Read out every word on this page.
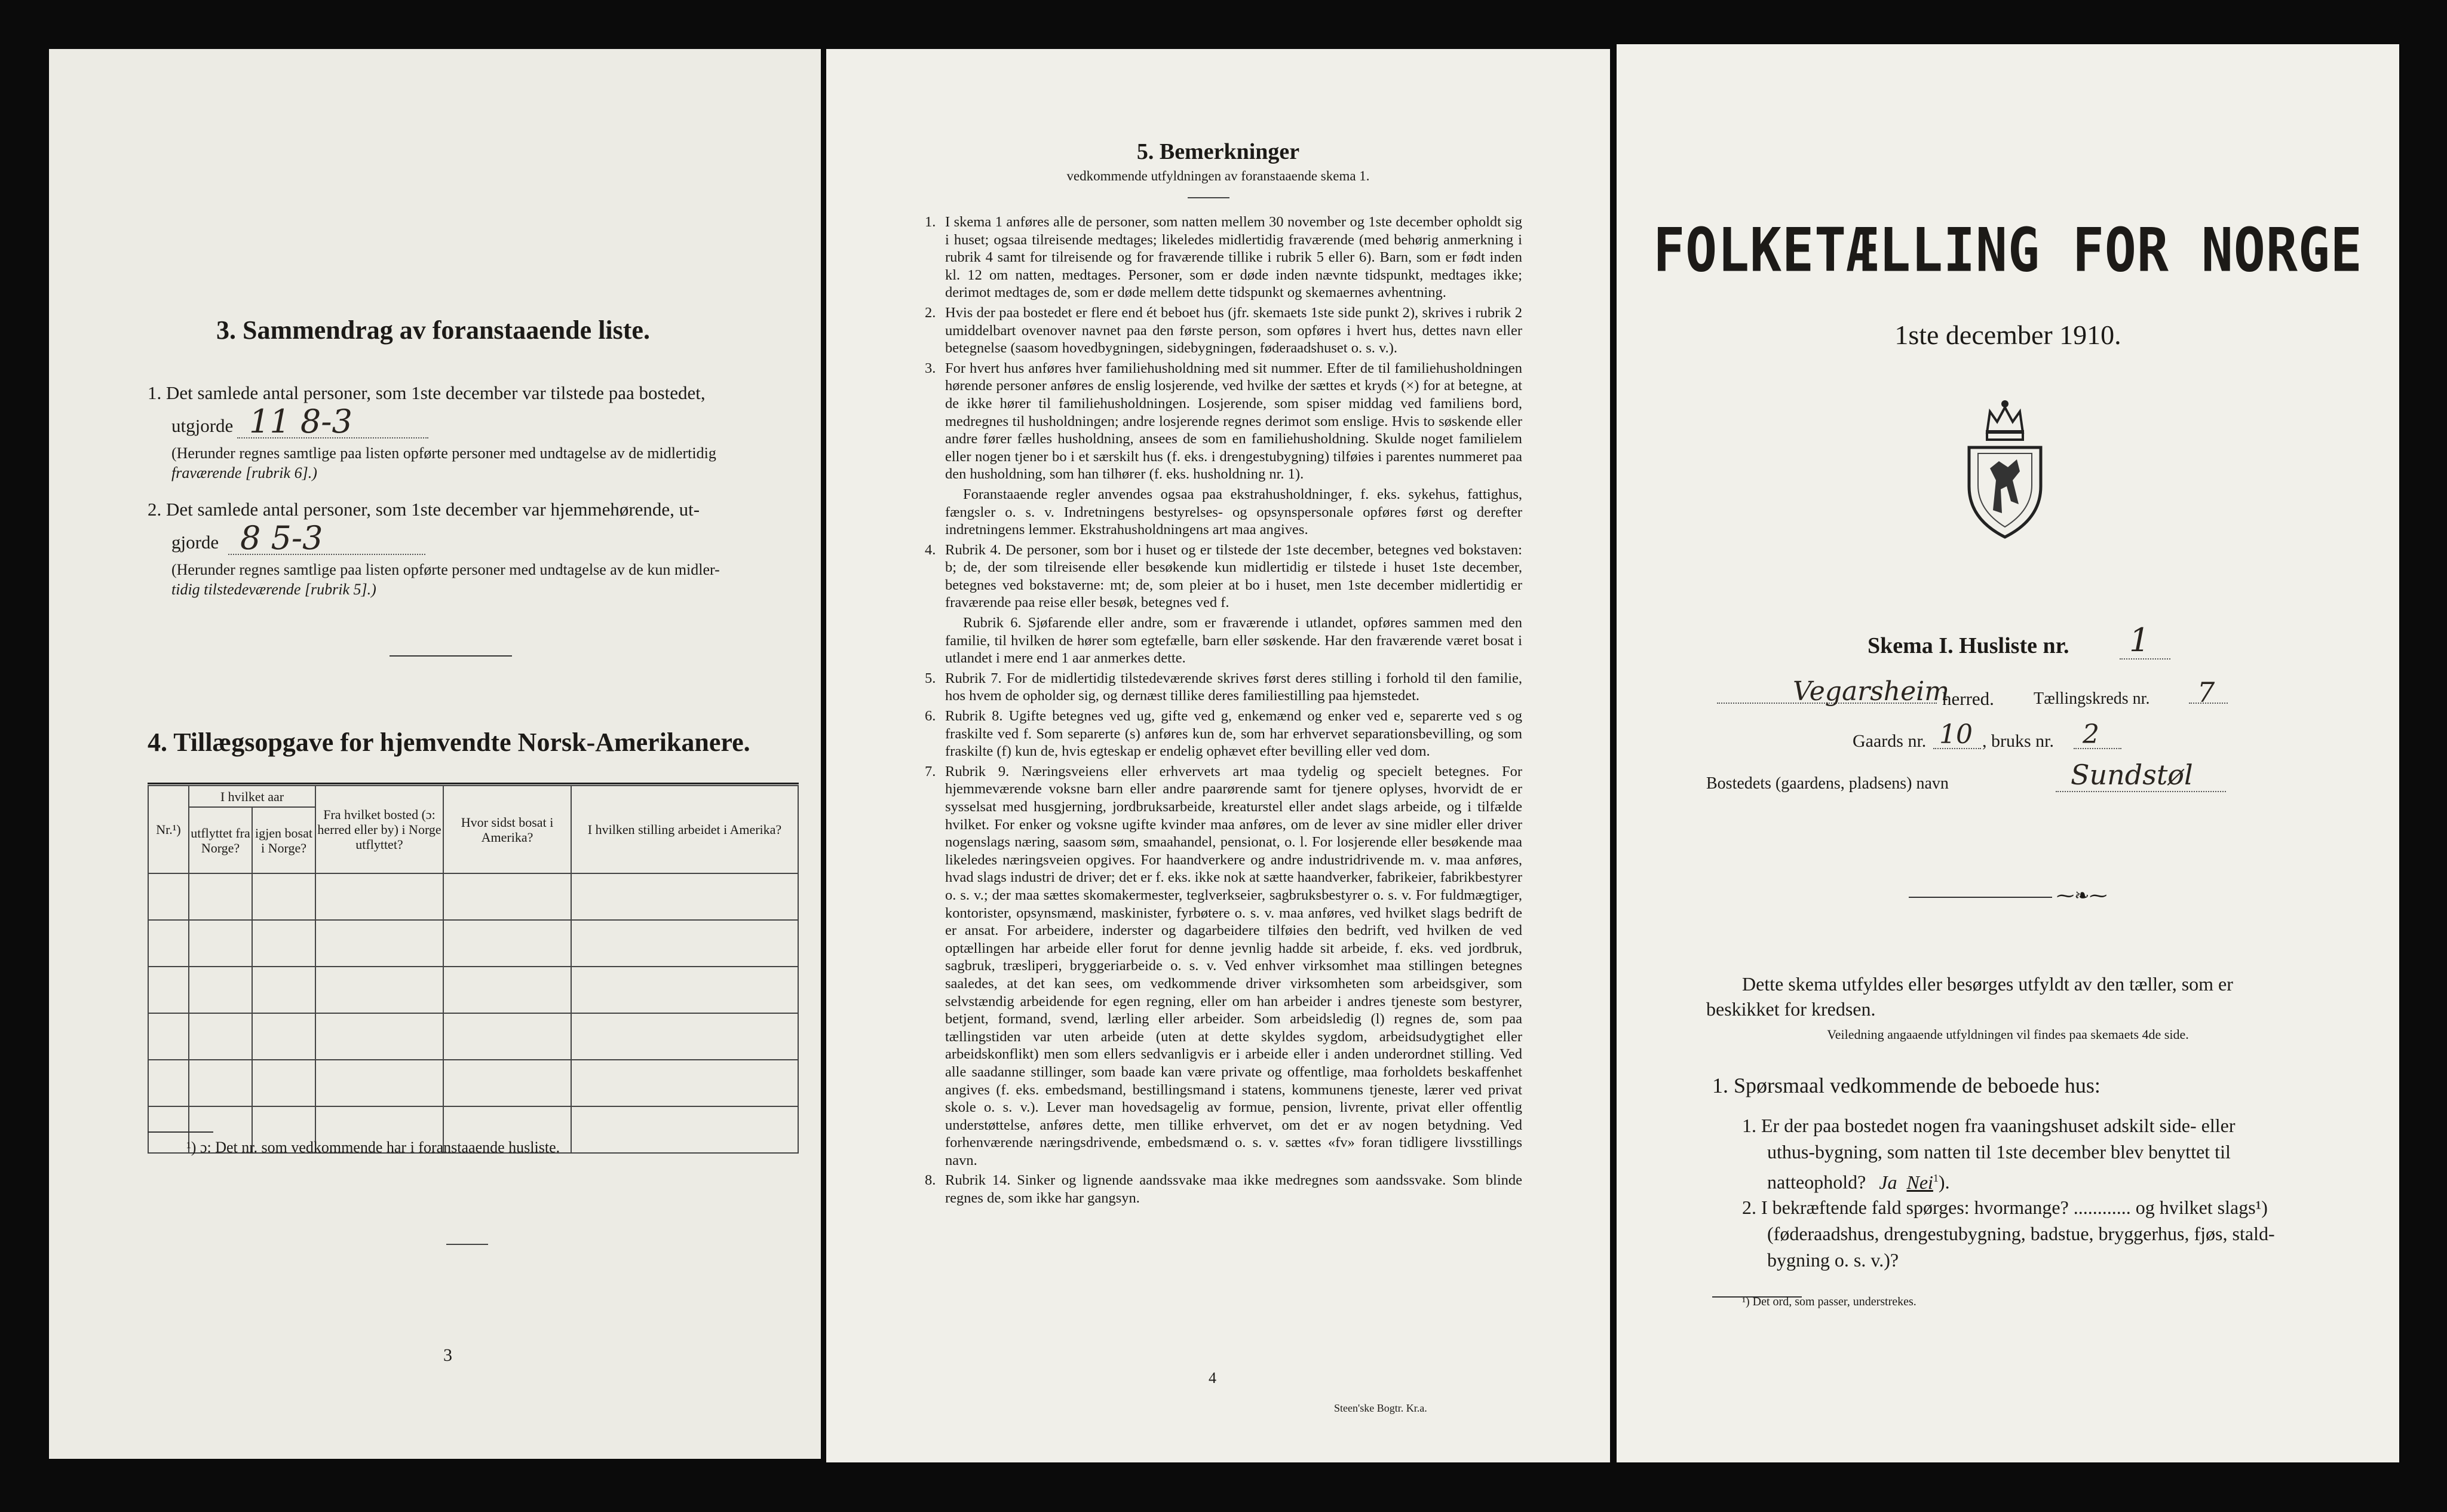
3. Sammendrag av foranstaaende liste.
1. Det samlede antal personer, som 1ste december var tilstede paa bostedet,
utgjorde 11 8-3
(Herunder regnes samtlige paa listen opførte personer med undtagelse av de midlertidig
fraværende [rubrik 6].)
2. Det samlede antal personer, som 1ste december var hjemmehørende, ut-
gjorde 8 5-3
(Herunder regnes samtlige paa listen opførte personer med undtagelse av de kun midler-
tidig tilstedeværende [rubrik 5].)
4. Tillægsopgave for hjemvendte Norsk-Amerikanere.
Nr.¹)	I hvilket aar		Fra hvilket bosted (ɔ: herred eller by) i Norge utflyttet?	Hvor sidst bosat i Amerika?	I hvilken stilling arbeidet i Amerika?
	utflyttet fra Norge?	igjen bosat i Norge?			

¹) ɔ: Det nr. som vedkommende har i foranstaaende husliste.
3
5. Bemerkninger
vedkommende utfyldningen av foranstaaende skema 1.
1. I skema 1 anføres alle de personer, som natten mellem 30 november og 1ste december opholdt sig i huset; ogsaa tilreisende medtages; likeledes midlertidig fraværende (med behørig anmerkning i rubrik 4 samt for tilreisende og for fraværende tillike i rubrik 5 eller 6). Barn, som er født inden kl. 12 om natten, medtages. Personer, som er døde inden nævnte tidspunkt, medtages ikke; derimot medtages de, som er døde mellem dette tidspunkt og skemaernes avhentning.
2. Hvis der paa bostedet er flere end ét beboet hus (jfr. skemaets 1ste side punkt 2), skrives i rubrik 2 umiddelbart ovenover navnet paa den første person, som opføres i hvert hus, dettes navn eller betegnelse (saasom hovedbygningen, sidebygningen, føderaadshuset o. s. v.).
3. For hvert hus anføres hver familiehusholdning med sit nummer. Efter de til familiehusholdningen hørende personer anføres de enslig losjerende, ved hvilke der sættes et kryds (×) for at betegne, at de ikke hører til familiehusholdningen. Losjerende, som spiser middag ved familiens bord, medregnes til husholdningen; andre losjerende regnes derimot som enslige. Hvis to søskende eller andre fører fælles husholdning, ansees de som en familiehusholdning. Skulde noget familielem eller nogen tjener bo i et særskilt hus (f. eks. i drengestubygning) tilføies i parentes nummeret paa den husholdning, som han tilhører (f. eks. husholdning nr. 1).
Foranstaaende regler anvendes ogsaa paa ekstrahusholdninger, f. eks. sykehus, fattighus, fængsler o. s. v. Indretningens bestyrelses- og opsynspersonale opføres først og derefter indretningens lemmer. Ekstrahusholdningens art maa angives.
4. Rubrik 4. De personer, som bor i huset og er tilstede der 1ste december, betegnes ved bokstaven: b; de, der som tilreisende eller besøkende kun midlertidig er tilstede i huset 1ste december, betegnes ved bokstaverne: mt; de, som pleier at bo i huset, men 1ste december midlertidig er fraværende paa reise eller besøk, betegnes ved f.
Rubrik 6. Sjøfarende eller andre, som er fraværende i utlandet, opføres sammen med den familie, til hvilken de hører som egtefælle, barn eller søskende. Har den fraværende været bosat i utlandet i mere end 1 aar anmerkes dette.
5. Rubrik 7. For de midlertidig tilstedeværende skrives først deres stilling i forhold til den familie, hos hvem de opholder sig, og dernæst tillike deres familiestilling paa hjemstedet.
6. Rubrik 8. Ugifte betegnes ved ug, gifte ved g, enkemænd og enker ved e, separerte ved s og fraskilte ved f. Som separerte (s) anføres kun de, som har erhvervet separationsbevilling, og som fraskilte (f) kun de, hvis egteskap er endelig ophævet efter bevilling eller ved dom.
7. Rubrik 9. Næringsveiens eller erhvervets art maa tydelig og specielt betegnes. For hjemmeværende voksne barn eller andre paarørende samt for tjenere oplyses, hvorvidt de er sysselsat med husgjerning, jordbruksarbeide, kreaturstel eller andet slags arbeide, og i tilfælde hvilket. For enker og voksne ugifte kvinder maa anføres, om de lever av sine midler eller driver nogenslags næring, saasom søm, smaahandel, pensionat, o. l. For losjerende eller besøkende maa likeledes næringsveien opgives. For haandverkere og andre industridrivende m. v. maa anføres, hvad slags industri de driver; det er f. eks. ikke nok at sætte haandverker, fabrikeier, fabrikbestyrer o. s. v.; der maa sættes skomakermester, teglverkseier, sagbruksbestyrer o. s. v. For fuldmægtiger, kontorister, opsynsmænd, maskinister, fyrbøtere o. s. v. maa anføres, ved hvilket slags bedrift de er ansat. For arbeidere, inderster og dagarbeidere tilføies den bedrift, ved hvilken de ved optællingen har arbeide eller forut for denne jevnlig hadde sit arbeide, f. eks. ved jordbruk, sagbruk, træsliperi, bryggeriarbeide o. s. v. Ved enhver virksomhet maa stillingen betegnes saaledes, at det kan sees, om vedkommende driver virksomheten som arbeidsgiver, som selvstændig arbeidende for egen regning, eller om han arbeider i andres tjeneste som bestyrer, betjent, formand, svend, lærling eller arbeider. Som arbeidsledig (l) regnes de, som paa tællingstiden var uten arbeide (uten at dette skyldes sygdom, arbeidsudygtighet eller arbeidskonflikt) men som ellers sedvanligvis er i arbeide eller i anden underordnet stilling. Ved alle saadanne stillinger, som baade kan være private og offentlige, maa forholdets beskaffenhet angives (f. eks. embedsmand, bestillingsmand i statens, kommunens tjeneste, lærer ved privat skole o. s. v.). Lever man hovedsagelig av formue, pension, livrente, privat eller offentlig understøttelse, anføres dette, men tillike erhvervet, om det er av nogen betydning. Ved forhenværende næringsdrivende, embedsmænd o. s. v. sættes «fv» foran tidligere livsstillings navn.
8. Rubrik 14. Sinker og lignende aandssvake maa ikke medregnes som aandssvake. Som blinde regnes de, som ikke har gangsyn.
4
Steen'ske Bogtr. Kr.a.
FOLKETÆLLING FOR NORGE
1ste december 1910.
Skema I. Husliste nr. 1
Vegarsheim
herred. Tællingskreds nr. 7
Gaards nr. 10 , bruks nr. 2
Bostedets (gaardens, pladsens) navn	Sundstøl
⁓❧⁓
Dette skema utfyldes eller besørges utfyldt av den tæller, som er
beskikket for kredsen.
Veiledning angaaende utfyldningen vil findes paa skemaets 4de side.
1. Spørsmaal vedkommende de beboede hus:
1. Er der paa bostedet nogen fra vaaningshuset adskilt side- eller
uthus-bygning, som natten til 1ste december blev benyttet til
natteophold? Ja Nei$^1$).
2. I bekræftende fald spørges: hvormange? ............ og hvilket slags¹)
(føderaadshus, drengestubygning, badstue, bryggerhus, fjøs, stald-
bygning o. s. v.)?
¹) Det ord, som passer, understrekes.
